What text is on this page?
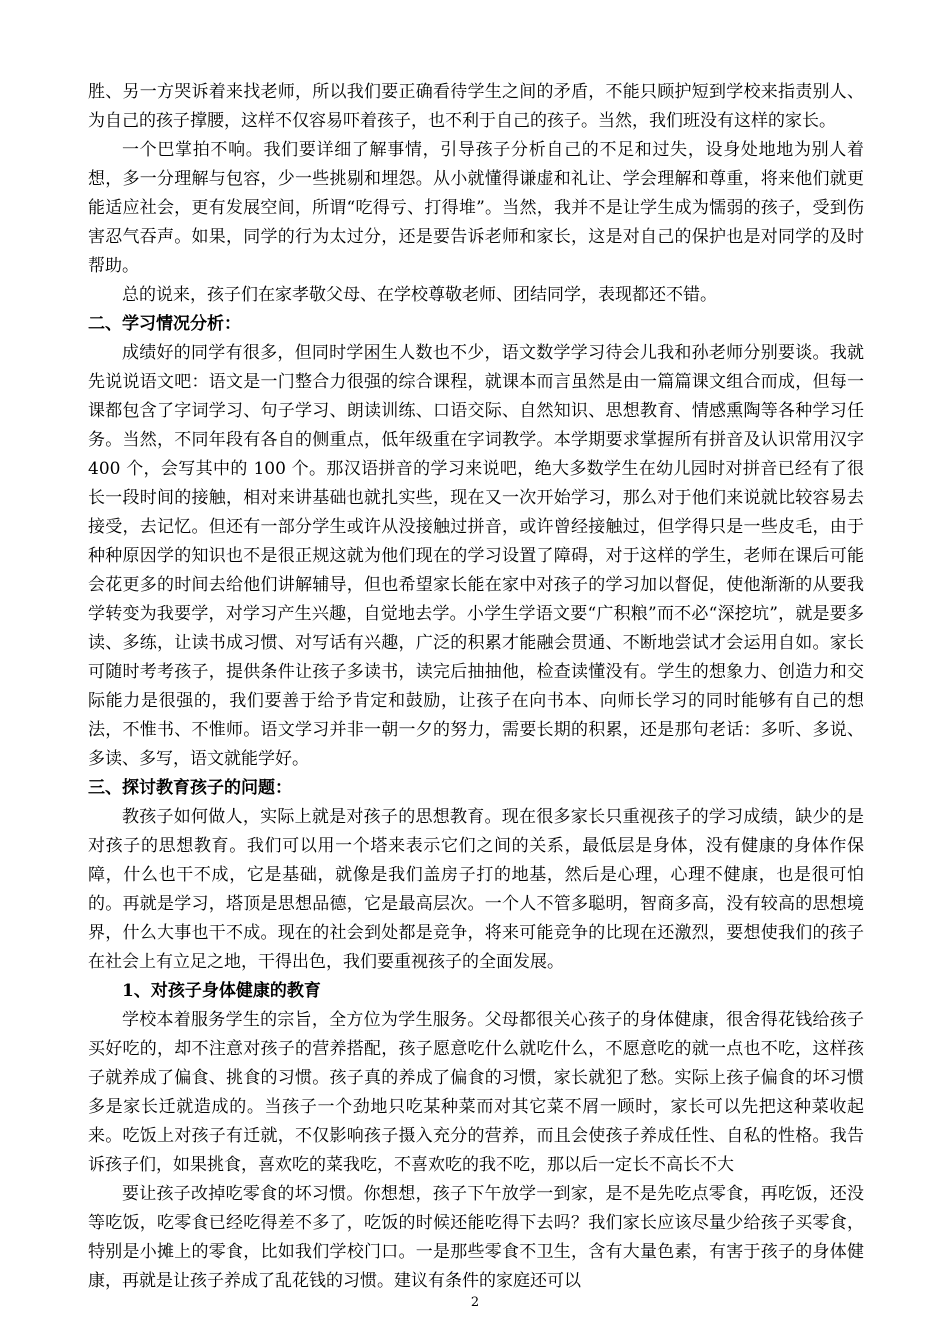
胜、另一方哭诉着来找老师，所以我们要正确看待学生之间的矛盾，不能只顾护短到学校来指责别人、为自己的孩子撑腰，这样不仅容易吓着孩子，也不利于自己的孩子。当然，我们班没有这样的家长。

一个巴掌拍不响。我们要详细了解事情，引导孩子分析自己的不足和过失，设身处地地为别人着想，多一分理解与包容，少一些挑剔和埋怨。从小就懂得谦虚和礼让、学会理解和尊重，将来他们就更能适应社会，更有发展空间，所谓“吃得亏、打得堆”。当然，我并不是让学生成为懦弱的孩子，受到伤害忍气吞声。如果，同学的行为太过分，还是要告诉老师和家长，这是对自己的保护也是对同学的及时帮助。

总的说来，孩子们在家孝敬父母、在学校尊敬老师、团结同学，表现都还不错。

二、学习情况分析：

成绩好的同学有很多，但同时学困生人数也不少，语文数学学习待会儿我和孙老师分别要谈。我就先说说语文吧：语文是一门整合力很强的综合课程，就课本而言虽然是由一篇篇课文组合而成，但每一课都包含了字词学习、句子学习、朗读训练、口语交际、自然知识、思想教育、情感熏陶等各种学习任务。当然，不同年段有各自的侧重点，低年级重在字词教学。本学期要求掌握所有拼音及认识常用汉字 400 个，会写其中的 100 个。那汉语拼音的学习来说吧，绝大多数学生在幼儿园时对拼音已经有了很长一段时间的接触，相对来讲基础也就扎实些，现在又一次开始学习，那么对于他们来说就比较容易去接受，去记忆。但还有一部分学生或许从没接触过拼音，或许曾经接触过，但学得只是一些皮毛，由于种种原因学的知识也不是很正规这就为他们现在的学习设置了障碍，对于这样的学生，老师在课后可能会花更多的时间去给他们讲解辅导，但也希望家长能在家中对孩子的学习加以督促，使他渐渐的从要我学转变为我要学，对学习产生兴趣，自觉地去学。小学生学语文要“广积粮”而不必“深挖坑”，就是要多读、多练，让读书成习惯、对写话有兴趣，广泛的积累才能融会贯通、不断地尝试才会运用自如。家长可随时考考孩子，提供条件让孩子多读书，读完后抽抽他，检查读懂没有。学生的想象力、创造力和交际能力是很强的，我们要善于给予肯定和鼓励，让孩子在向书本、向师长学习的同时能够有自己的想法，不惟书、不惟师。语文学习并非一朝一夕的努力，需要长期的积累，还是那句老话：多听、多说、多读、多写，语文就能学好。

三、探讨教育孩子的问题：

教孩子如何做人，实际上就是对孩子的思想教育。现在很多家长只重视孩子的学习成绩，缺少的是对孩子的思想教育。我们可以用一个塔来表示它们之间的关系，最低层是身体，没有健康的身体作保障，什么也干不成，它是基础，就像是我们盖房子打的地基，然后是心理，心理不健康，也是很可怕的。再就是学习，塔顶是思想品德，它是最高层次。一个人不管多聪明，智商多高，没有较高的思想境界，什么大事也干不成。现在的社会到处都是竞争，将来可能竞争的比现在还激烈，要想使我们的孩子在社会上有立足之地，干得出色，我们要重视孩子的全面发展。

1、对孩子身体健康的教育

学校本着服务学生的宗旨，全方位为学生服务。父母都很关心孩子的身体健康，很舍得花钱给孩子买好吃的，却不注意对孩子的营养搭配，孩子愿意吃什么就吃什么，不愿意吃的就一点也不吃，这样孩子就养成了偏食、挑食的习惯。孩子真的养成了偏食的习惯，家长就犯了愁。实际上孩子偏食的坏习惯多是家长迁就造成的。当孩子一个劲地只吃某种菜而对其它菜不屑一顾时，家长可以先把这种菜收起来。吃饭上对孩子有迁就，不仅影响孩子摄入充分的营养，而且会使孩子养成任性、自私的性格。我告诉孩子们，如果挑食，喜欢吃的菜我吃，不喜欢吃的我不吃，那以后一定长不高长不大

要让孩子改掉吃零食的坏习惯。你想想，孩子下午放学一到家，是不是先吃点零食，再吃饭，还没等吃饭，吃零食已经吃得差不多了，吃饭的时候还能吃得下去吗？我们家长应该尽量少给孩子买零食，特别是小摊上的零食，比如我们学校门口。一是那些零食不卫生，含有大量色素，有害于孩子的身体健康，再就是让孩子养成了乱花钱的习惯。建议有条件的家庭还可以

2
